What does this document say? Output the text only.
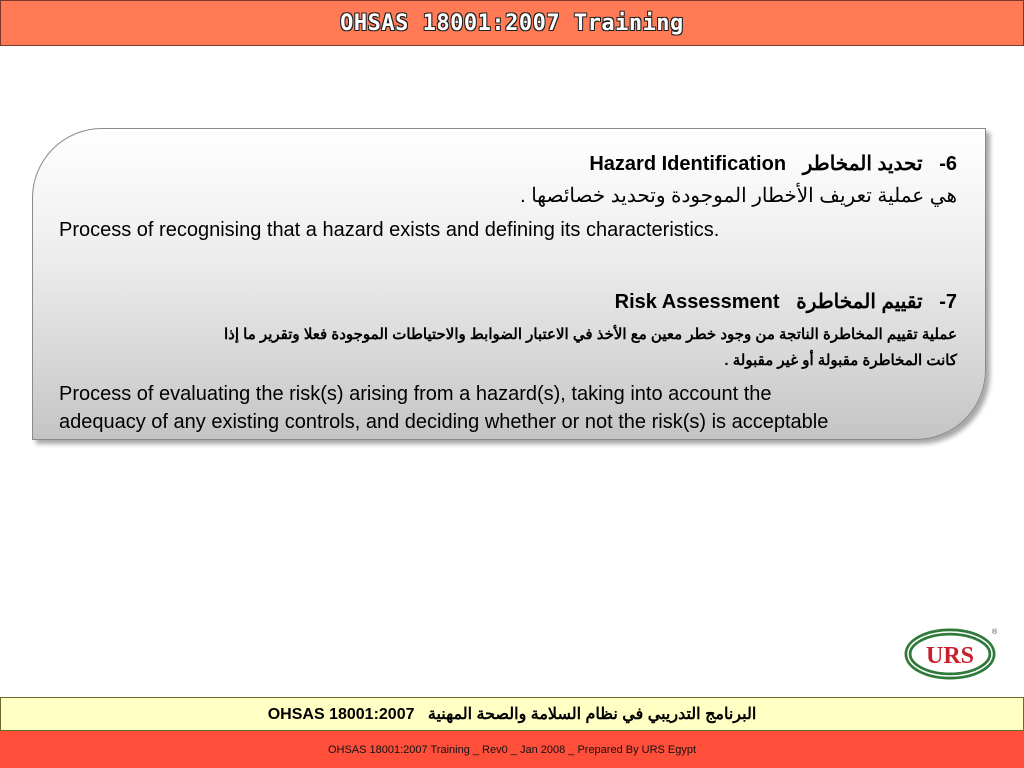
OHSAS 18001:2007 Training
6-   تحديد المخاطر   Hazard Identification
هي عملية تعريف الأخطار الموجودة وتحديد خصائصها .
Process of recognising that a hazard exists and defining its characteristics.
7-   تقييم المخاطرة   Risk Assessment
عملية تقييم المخاطرة الناتجة من وجود خطر معين مع الأخذ في الاعتبار الضوابط والاحتياطات الموجودة فعلا وتقرير ما إذا
كانت المخاطرة مقبولة أو غير مقبولة .
Process of evaluating the risk(s) arising from a hazard(s), taking into account the
adequacy of any existing controls, and deciding whether or not the risk(s) is acceptable
URS
®
البرنامج التدريبي في نظام السلامة والصحة المهنية   OHSAS 18001:2007
OHSAS 18001:2007 Training _ Rev0 _ Jan 2008 _ Prepared By URS Egypt
